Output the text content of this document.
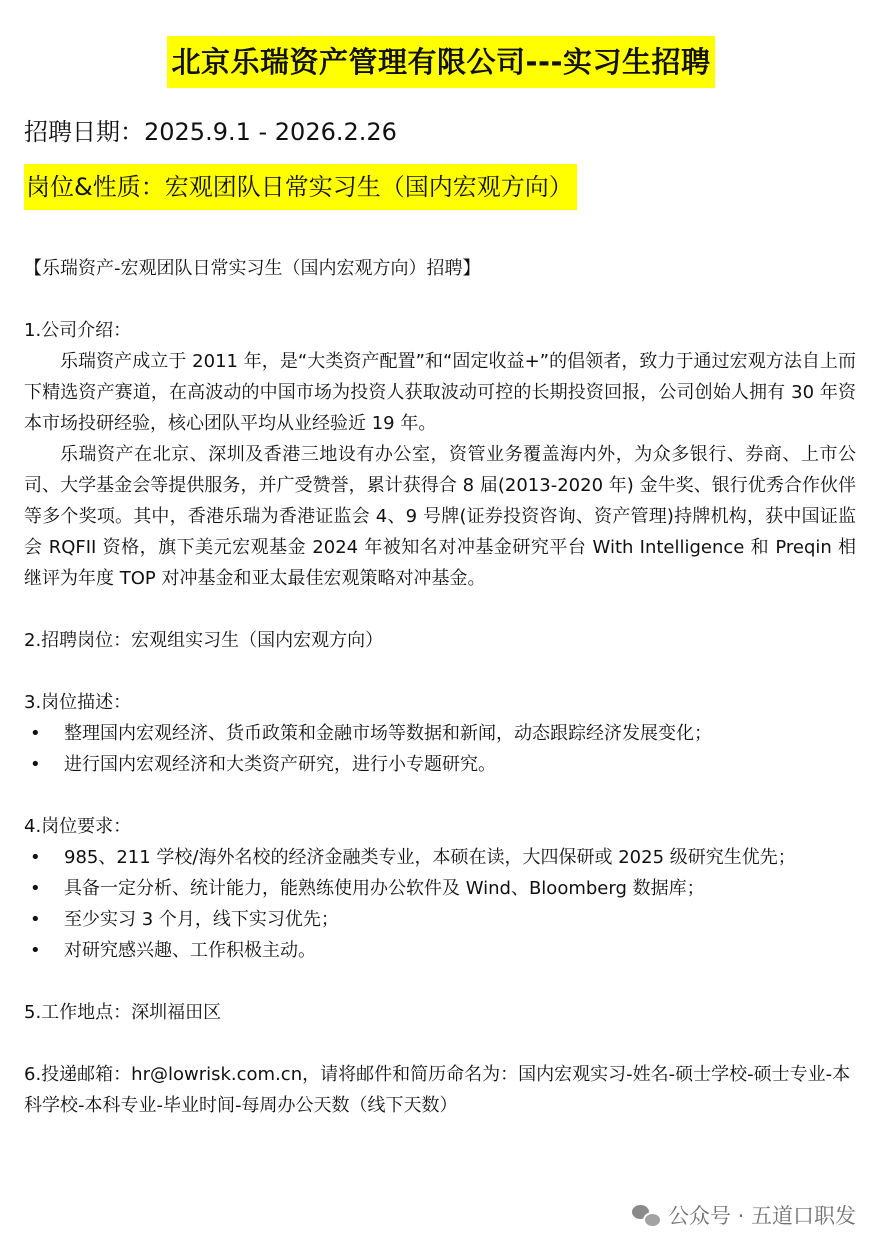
北京乐瑞资产管理有限公司---实习生招聘
招聘日期：2025.9.1 - 2026.2.26
岗位&性质：宏观团队日常实习生（国内宏观方向）

【乐瑞资产-宏观团队日常实习生（国内宏观方向）招聘】

1.公司介绍：

乐瑞资产成立于 2011 年，是“大类资产配置”和“固定收益+”的倡领者，致力于通过宏观方法自上而下精选资产赛道，在高波动的中国市场为投资人获取波动可控的长期投资回报，公司创始人拥有 30 年资本市场投研经验，核心团队平均从业经验近 19 年。

乐瑞资产在北京、深圳及香港三地设有办公室，资管业务覆盖海内外，为众多银行、券商、上市公司、大学基金会等提供服务，并广受赞誉，累计获得合 8 届(2013-2020 年) 金牛奖、银行优秀合作伙伴等多个奖项。其中，香港乐瑞为香港证监会 4、9 号牌(证券投资咨询、资产管理)持牌机构，获中国证监会 RQFII 资格，旗下美元宏观基金 2024 年被知名对冲基金研究平台 With Intelligence 和 Preqin 相继评为年度 TOP 对冲基金和亚太最佳宏观策略对冲基金。

2.招聘岗位：宏观组实习生（国内宏观方向）

3.岗位描述：

•	整理国内宏观经济、货币政策和金融市场等数据和新闻，动态跟踪经济发展变化；
•	进行国内宏观经济和大类资产研究，进行小专题研究。

4.岗位要求：

• 985、211 学校/海外名校的经济金融类专业，本硕在读，大四保研或 2025 级研究生优先；
•	具备一定分析、统计能力，能熟练使用办公软件及 Wind、Bloomberg 数据库；
•	至少实习 3 个月，线下实习优先；
•	对研究感兴趣、工作积极主动。

5.工作地点：深圳福田区

6.投递邮箱：hr@lowrisk.com.cn，请将邮件和简历命名为：国内宏观实习-姓名-硕士学校-硕士专业-本科学校-本科专业-毕业时间-每周办公天数（线下天数）

公众号 · 五道口职发
